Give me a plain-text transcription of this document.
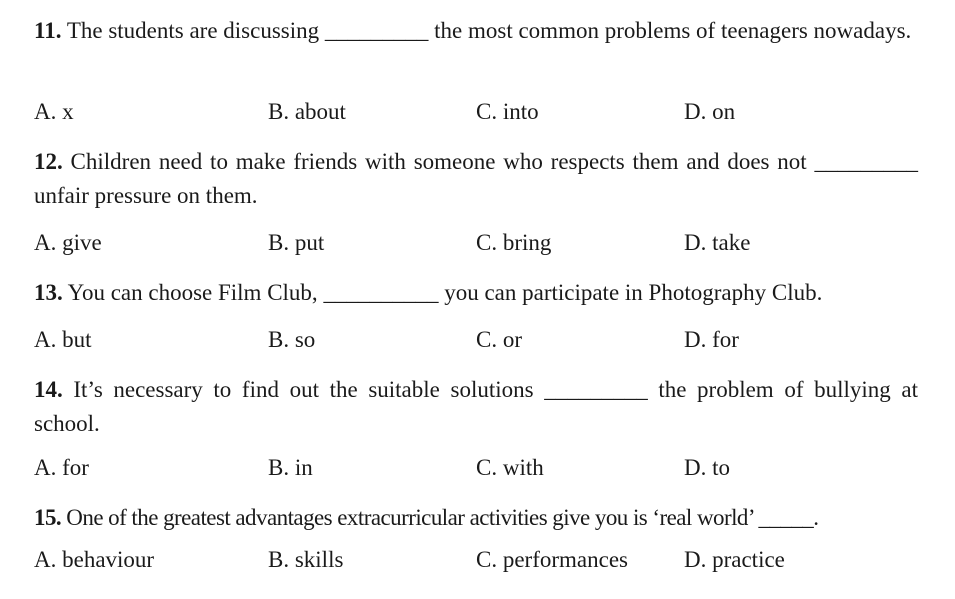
11. The students are discussing _________ the most common problems of teenagers nowadays.
A. x	B. about	C. into	D. on
12. Children need to make friends with someone who respects them and does not _________ unfair pressure on them.
A. give	B. put	C. bring	D. take
13. You can choose Film Club, __________ you can participate in Photography Club.
A. but	B. so	C. or	D. for
14. It’s necessary to find out the suitable solutions _________ the problem of bullying at school.
A. for	B. in	C. with	D. to
15. One of the greatest advantages extracurricular activities give you is ‘real world’ _____.
A. behaviour	B. skills	C. performances D. practice
